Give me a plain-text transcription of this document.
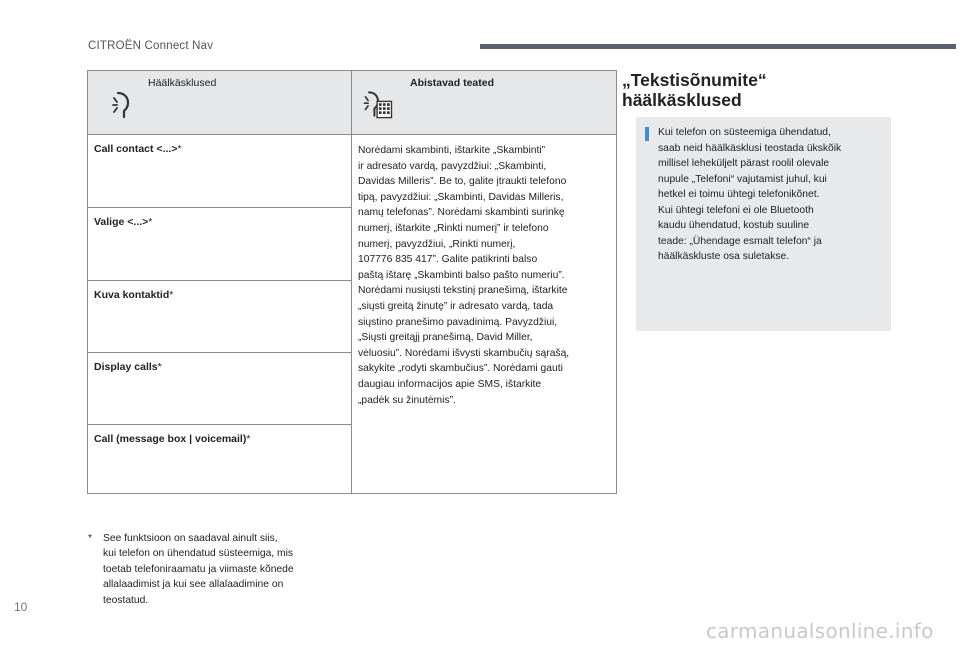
CITROËN Connect Nav
Häälkäsklused
Call contact <...>*
Valige <...>*
Kuva kontaktid*
Display calls*
Call (message box | voicemail)*
Abistavad teated

Norėdami skambinti, ištarkite „Skambinti”

ir adresato vardą, pavyzdžiui: „Skambinti,

Davidas Milleris”. Be to, galite įtraukti telefono

tipą, pavyzdžiui: „Skambinti, Davidas Milleris,

namų telefonas”. Norėdami skambinti surinkę

numerį, ištarkite „Rinkti numerį” ir telefono

numerį, pavyzdžiui, „Rinkti numerį,

107776 835 417”. Galite patikrinti balso

paštą ištarę „Skambinti balso pašto numeriu”.

Norėdami nusiųsti tekstinį pranešimą, ištarkite

„siųsti greitą žinutę” ir adresato vardą, tada

siųstino pranešimo pavadinimą. Pavyzdžiui,

„Siųsti greitąjį pranešimą, David Miller,

vėluosiu”. Norėdami išvysti skambučių sąrašą,

sakykite „rodyti skambučius”. Norėdami gauti

daugiau informacijos apie SMS, ištarkite

„padėk su žinutėmis”.

*	See funktsioon on saadaval ainult siis,
kui telefon on ühendatud süsteemiga, mis
toetab telefoniraamatu ja viimaste kõnede
allalaadimist ja kui see allalaadimine on
teostatud.
„Tekstisõnumite“
häälkäsklused

Kui telefon on süsteemiga ühendatud,

saab neid häälkäsklusi teostada ükskõik

millisel leheküljelt pärast roolil olevale

nupule „Telefoni“ vajutamist juhul, kui

hetkel ei toimu ühtegi telefonikõnet.

Kui ühtegi telefoni ei ole Bluetooth

kaudu ühendatud, kostub suuline

teade: „Ühendage esmalt telefon“ ja

häälkäskluste osa suletakse.

10
carmanualsonline.info
